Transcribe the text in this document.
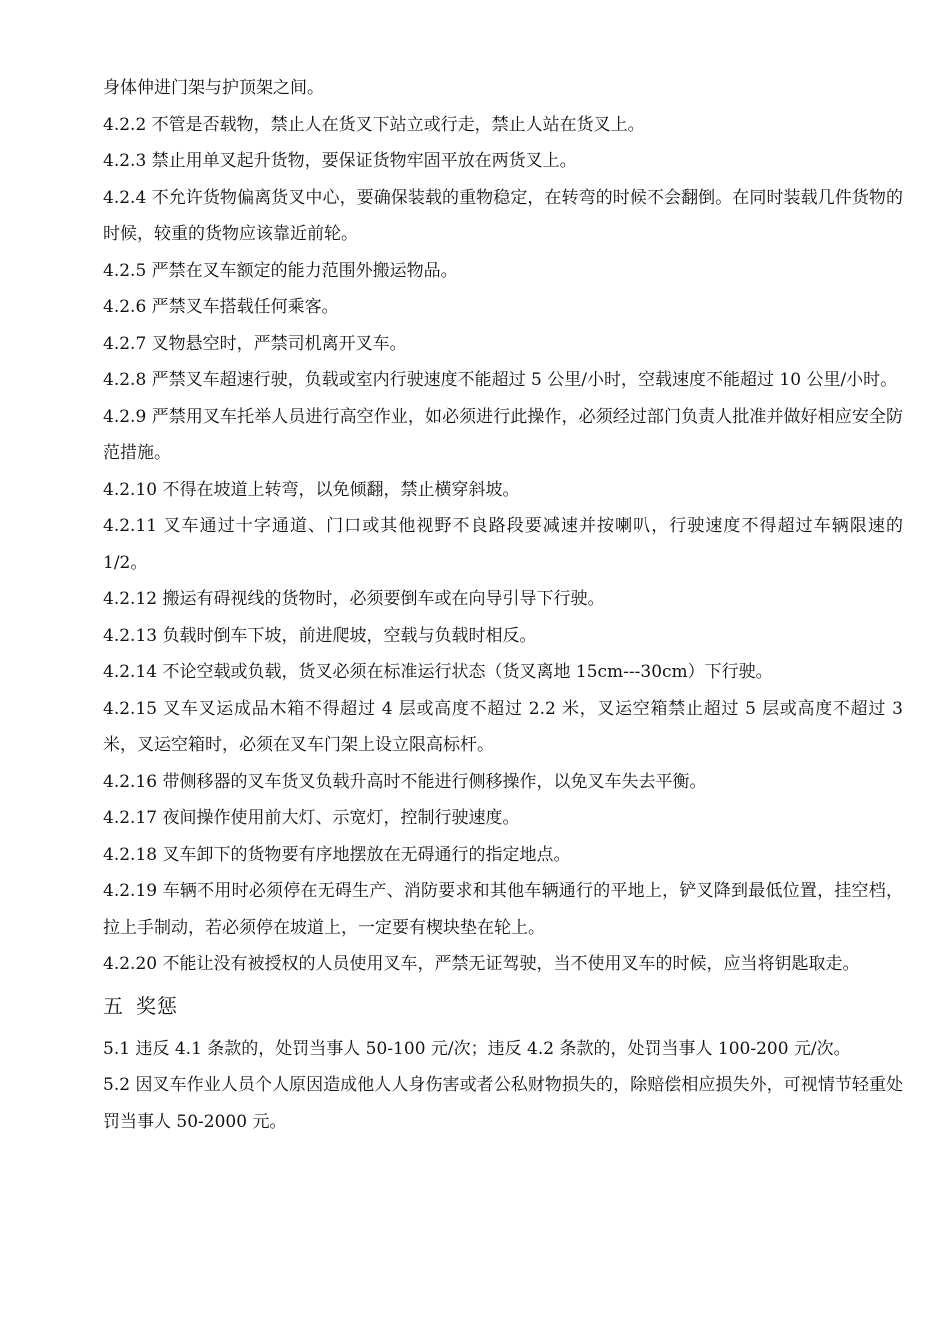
身体伸进门架与护顶架之间。

4.2.2 不管是否载物，禁止人在货叉下站立或行走，禁止人站在货叉上。

4.2.3 禁止用单叉起升货物，要保证货物牢固平放在两货叉上。

4.2.4 不允许货物偏离货叉中心，要确保装载的重物稳定，在转弯的时候不会翻倒。在同时装载几件货物的时候，较重的货物应该靠近前轮。

4.2.5 严禁在叉车额定的能力范围外搬运物品。

4.2.6 严禁叉车搭载任何乘客。

4.2.7 叉物悬空时，严禁司机离开叉车。

4.2.8 严禁叉车超速行驶，负载或室内行驶速度不能超过 5 公里/小时，空载速度不能超过 10 公里/小时。

4.2.9 严禁用叉车托举人员进行高空作业，如必须进行此操作，必须经过部门负责人批准并做好相应安全防范措施。

4.2.10 不得在坡道上转弯，以免倾翻，禁止横穿斜坡。

4.2.11 叉车通过十字通道、门口或其他视野不良路段要减速并按喇叭，行驶速度不得超过车辆限速的 1/2。

4.2.12 搬运有碍视线的货物时，必须要倒车或在向导引导下行驶。

4.2.13 负载时倒车下坡，前进爬坡，空载与负载时相反。

4.2.14 不论空载或负载，货叉必须在标准运行状态（货叉离地 15cm---30cm）下行驶。

4.2.15 叉车叉运成品木箱不得超过 4 层或高度不超过 2.2 米，叉运空箱禁止超过 5 层或高度不超过 3 米，叉运空箱时，必须在叉车门架上设立限高标杆。

4.2.16 带侧移器的叉车货叉负载升高时不能进行侧移操作，以免叉车失去平衡。

4.2.17 夜间操作使用前大灯、示宽灯，控制行驶速度。

4.2.18 叉车卸下的货物要有序地摆放在无碍通行的指定地点。

4.2.19 车辆不用时必须停在无碍生产、消防要求和其他车辆通行的平地上，铲叉降到最低位置，挂空档，拉上手制动，若必须停在坡道上，一定要有楔块垫在轮上。

4.2.20 不能让没有被授权的人员使用叉车，严禁无证驾驶，当不使用叉车的时候，应当将钥匙取走。

五 奖惩

5.1 违反 4.1 条款的，处罚当事人 50-100 元/次；违反 4.2 条款的，处罚当事人 100-200 元/次。

5.2 因叉车作业人员个人原因造成他人人身伤害或者公私财物损失的，除赔偿相应损失外，可视情节轻重处罚当事人 50-2000 元。
